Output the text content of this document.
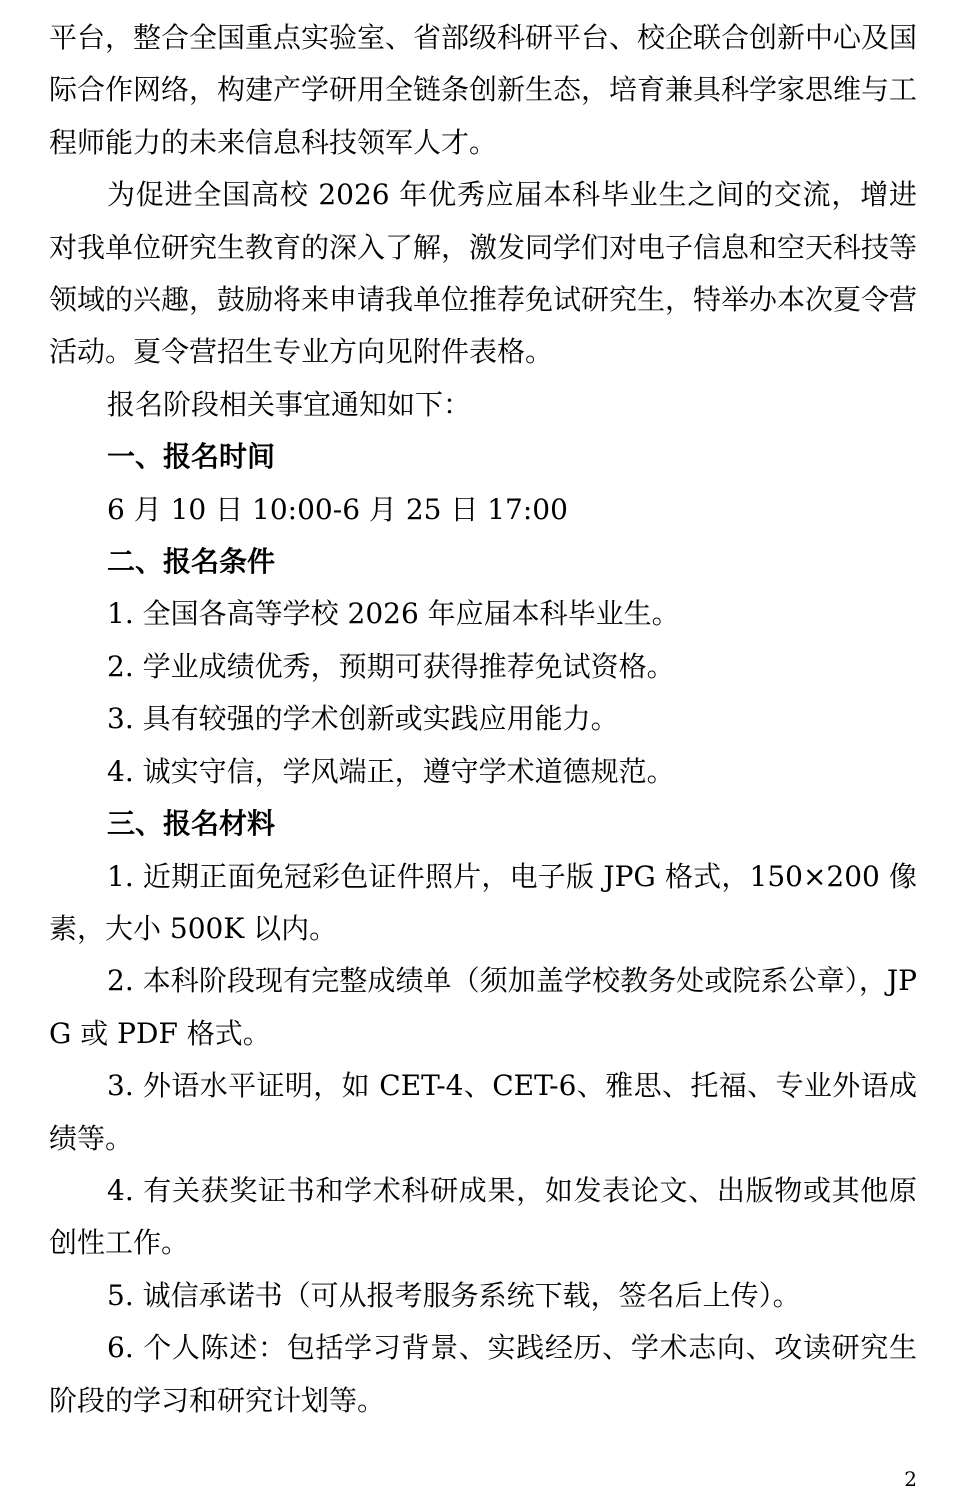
平台，整合全国重点实验室、省部级科研平台、校企联合创新中心及国际合作网络，构建产学研用全链条创新生态，培育兼具科学家思维与工程师能力的未来信息科技领军人才。

为促进全国高校 2026 年优秀应届本科毕业生之间的交流，增进对我单位研究生教育的深入了解，激发同学们对电子信息和空天科技等领域的兴趣，鼓励将来申请我单位推荐免试研究生，特举办本次夏令营活动。夏令营招生专业方向见附件表格。

报名阶段相关事宜通知如下：

一、报名时间

6 月 10 日 10:00-6 月 25 日 17:00

二、报名条件

1. 全国各高等学校 2026 年应届本科毕业生。

2. 学业成绩优秀，预期可获得推荐免试资格。

3. 具有较强的学术创新或实践应用能力。

4. 诚实守信，学风端正，遵守学术道德规范。

三、报名材料

1. 近期正面免冠彩色证件照片，电子版 JPG 格式，150×200 像素，大小 500K 以内。

2. 本科阶段现有完整成绩单（须加盖学校教务处或院系公章），JPG 或 PDF 格式。

3. 外语水平证明，如 CET-4、CET-6、雅思、托福、专业外语成绩等。

4. 有关获奖证书和学术科研成果，如发表论文、出版物或其他原创性工作。

5. 诚信承诺书（可从报考服务系统下载，签名后上传）。

6. 个人陈述：包括学习背景、实践经历、学术志向、攻读研究生阶段的学习和研究计划等。

2
